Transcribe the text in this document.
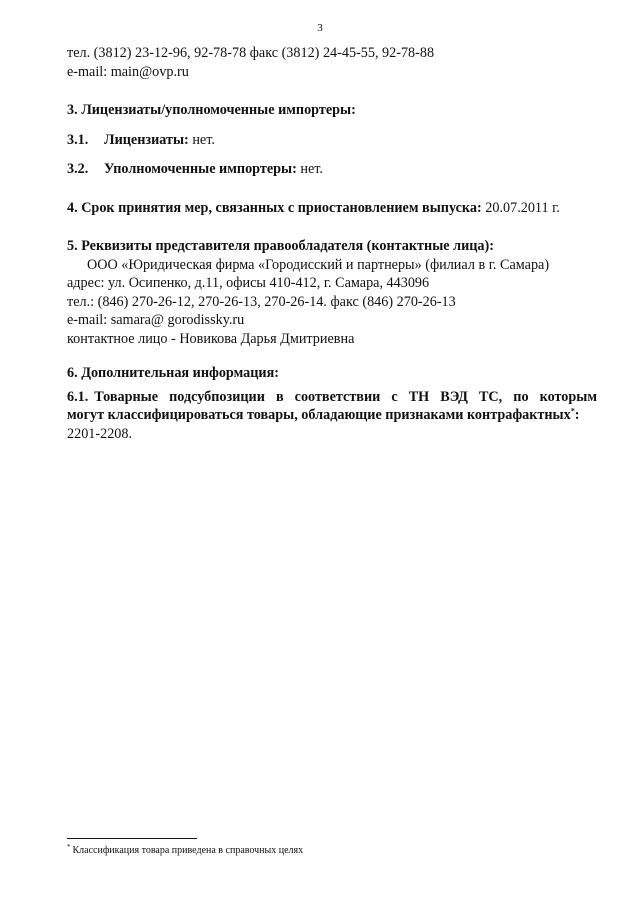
3
тел. (3812) 23-12-96, 92-78-78 факс (3812) 24-45-55, 92-78-88
e-mail: main@ovp.ru
3. Лицензиаты/уполномоченные импортеры:
3.1. Лицензиаты: нет.
3.2. Уполномоченные импортеры: нет.
4. Срок принятия мер, связанных с приостановлением выпуска: 20.07.2011 г.
5. Реквизиты представителя правообладателя (контактные лица):
ООО «Юридическая фирма «Городисский и партнеры» (филиал в г. Самара)
адрес: ул. Осипенко, д.11, офисы 410-412, г. Самара, 443096
тел.: (846) 270-26-12, 270-26-13, 270-26-14. факс (846) 270-26-13
e-mail: samara@ gorodissky.ru
контактное лицо - Новикова Дарья Дмитриевна
6. Дополнительная информация:
6.1. Товарные подсубпозиции в соответствии с ТН ВЭД ТС, по которым
могут классифицироваться товары, обладающие признаками контрафактных*:
2201-2208.
* Классификация товара приведена в справочных целях
